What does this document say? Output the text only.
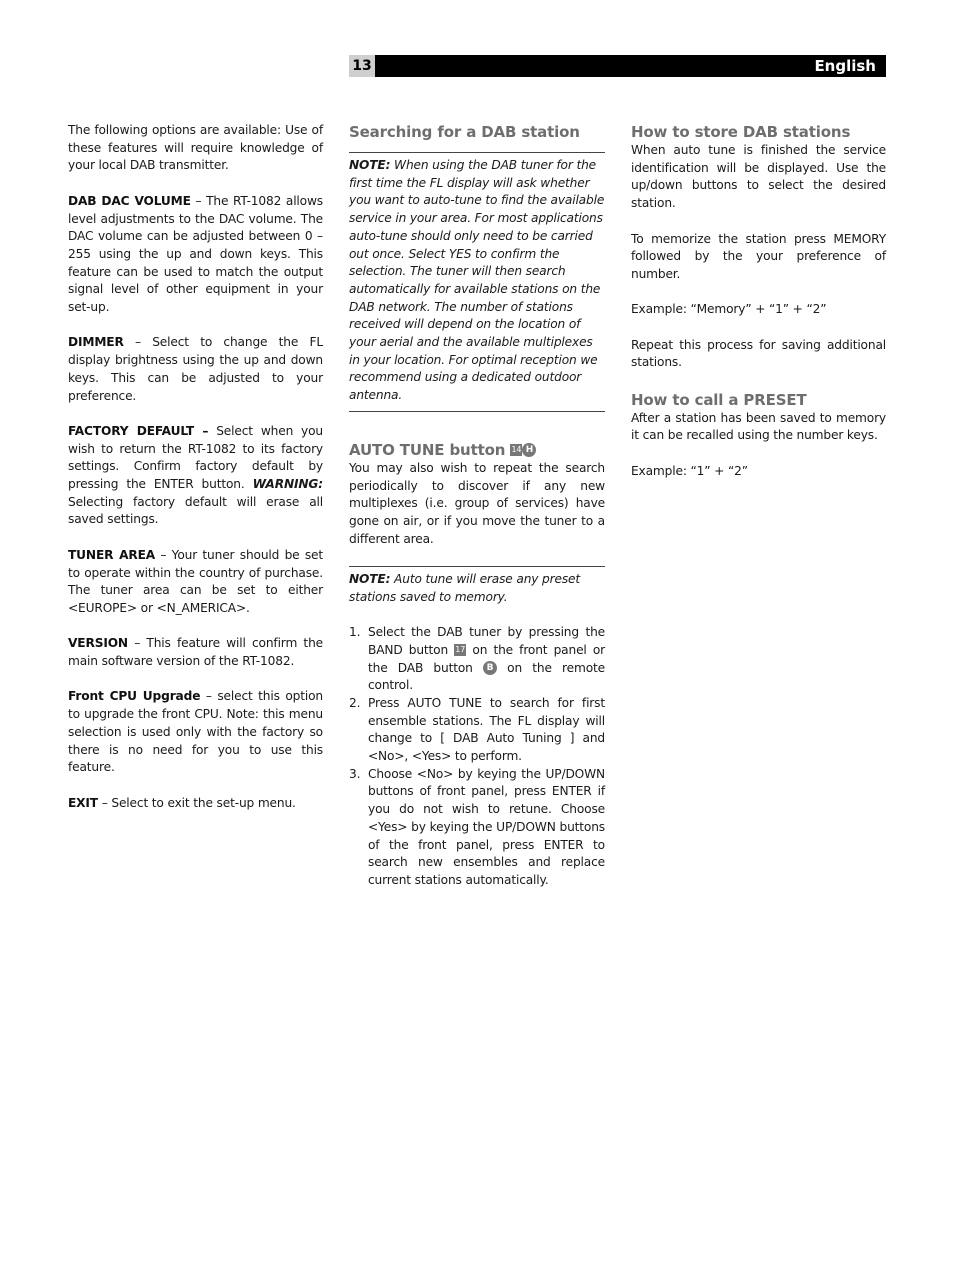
13	English

The following options are available: Use of these features will require knowledge of your local DAB transmitter.

DAB DAC VOLUME – The RT-1082 allows level adjustments to the DAC volume. The DAC volume can be adjusted between 0 – 255 using the up and down keys. This feature can be used to match the output signal level of other equipment in your set-up.

DIMMER – Select to change the FL display brightness using the up and down keys. This can be adjusted to your preference.

FACTORY DEFAULT – Select when you wish to return the RT-1082 to its factory settings. Confirm factory default by pressing the ENTER button. WARNING: Selecting factory default will erase all saved settings.

TUNER AREA – Your tuner should be set to operate within the country of purchase. The tuner area can be set to either <EUROPE> or <N_AMERICA>.

VERSION – This feature will confirm the main software version of the RT-1082.

Front CPU Upgrade – select this option to upgrade the front CPU. Note: this menu selection is used only with the factory so there is no need for you to use this feature.

EXIT – Select to exit the set-up menu.

Searching for a DAB station
NOTE: When using the DAB tuner for the first time the FL display will ask whether you want to auto-tune to find the available service in your area. For most applications auto-tune should only need to be carried out once. Select YES to confirm the selection. The tuner will then search automatically for available stations on the DAB network. The number of stations received will depend on the location of your aerial and the available multiplexes in your location. For optimal reception we recommend using a dedicated outdoor antenna.
AUTO TUNE button 14 H

You may also wish to repeat the search periodically to discover if any new multiplexes (i.e. group of services) have gone on air, or if you move the tuner to a different area.

NOTE: Auto tune will erase any preset stations saved to memory.
1. Select the DAB tuner by pressing the BAND button 17 on the front panel or the DAB button B on the remote control.
2. Press AUTO TUNE to search for first ensemble stations. The FL display will change to [ DAB Auto Tuning ] and <No>, <Yes> to perform.
3. Choose <No> by keying the UP/DOWN buttons of front panel, press ENTER if you do not wish to retune. Choose <Yes> by keying the UP/DOWN buttons of the front panel, press ENTER to search new ensembles and replace current stations automatically.
How to store DAB stations

When auto tune is finished the service identification will be displayed. Use the up/down buttons to select the desired station.

To memorize the station press MEMORY followed by the your preference of number.

Example: “Memory” + “1” + “2”

Repeat this process for saving additional stations.

How to call a PRESET

After a station has been saved to memory it can be recalled using the number keys.

Example: “1” + “2”
